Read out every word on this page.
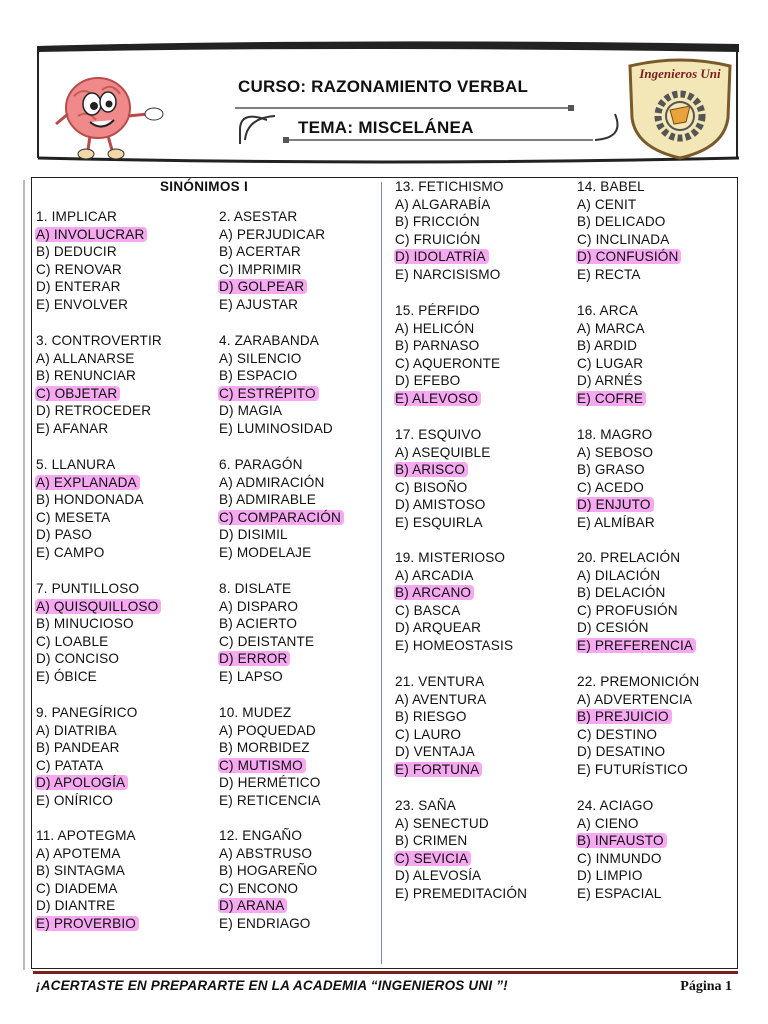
CURSO: RAZONAMIENTO VERBAL
TEMA: MISCELÁNEA
Ingenieros Uni
SINÓNIMOS I
1. IMPLICAR
A) INVOLUCRAR
B) DEDUCIR
C) RENOVAR
D) ENTERAR
E) ENVOLVER
2. ASESTAR
A) PERJUDICAR
B) ACERTAR
C) IMPRIMIR
D) GOLPEAR
E) AJUSTAR
3. CONTROVERTIR
A) ALLANARSE
B) RENUNCIAR
C) OBJETAR
D) RETROCEDER
E) AFANAR
4. ZARABANDA
A) SILENCIO
B) ESPACIO
C) ESTRÉPITO
D) MAGIA
E) LUMINOSIDAD
5. LLANURA
A) EXPLANADA
B) HONDONADA
C) MESETA
D) PASO
E) CAMPO
6. PARAGÓN
A) ADMIRACIÓN
B) ADMIRABLE
C) COMPARACIÓN
D) DISIMIL
E) MODELAJE
7. PUNTILLOSO
A) QUISQUILLOSO
B) MINUCIOSO
C) LOABLE
D) CONCISO
E) ÓBICE
8. DISLATE
A) DISPARO
B) ACIERTO
C) DEISTANTE
D) ERROR
E) LAPSO
9. PANEGÍRICO
A) DIATRIBA
B) PANDEAR
C) PATATA
D) APOLOGÍA
E) ONÍRICO
10. MUDEZ
A) POQUEDAD
B) MORBIDEZ
C) MUTISMO
D) HERMÉTICO
E) RETICENCIA
11. APOTEGMA
A) APOTEMA
B) SINTAGMA
C) DIADEMA
D) DIANTRE
E) PROVERBIO
12. ENGAÑO
A) ABSTRUSO
B) HOGAREÑO
C) ENCONO
D) ARANA
E) ENDRIAGO
13. FETICHISMO
A) ALGARABÍA
B) FRICCIÓN
C) FRUICIÓN
D) IDOLATRÍA
E) NARCISISMO
14. BABEL
A) CENIT
B) DELICADO
C) INCLINADA
D) CONFUSIÓN
E) RECTA
15. PÉRFIDO
A) HELICÓN
B) PARNASO
C) AQUERONTE
D) EFEBO
E) ALEVOSO
16. ARCA
A) MARCA
B) ARDID
C) LUGAR
D) ARNÉS
E) COFRE
17. ESQUIVO
A) ASEQUIBLE
B) ARISCO
C) BISOÑO
D) AMISTOSO
E) ESQUIRLA
18. MAGRO
A) SEBOSO
B) GRASO
C) ACEDO
D) ENJUTO
E) ALMÍBAR
19. MISTERIOSO
A) ARCADIA
B) ARCANO
C) BASCA
D) ARQUEAR
E) HOMEOSTASIS
20. PRELACIÓN
A) DILACIÓN
B) DELACIÓN
C) PROFUSIÓN
D) CESIÓN
E) PREFERENCIA
21. VENTURA
A) AVENTURA
B) RIESGO
C) LAURO
D) VENTAJA
E) FORTUNA
22. PREMONICIÓN
A) ADVERTENCIA
B) PREJUICIO
C) DESTINO
D) DESATINO
E) FUTURÍSTICO
23. SAÑA
A) SENECTUD
B) CRIMEN
C) SEVICIA
D) ALEVOSÍA
E) PREMEDITACIÓN
24. ACIAGO
A) CIENO
B) INFAUSTO
C) INMUNDO
D) LIMPIO
E) ESPACIAL
¡ACERTASTE EN PREPARARTE EN LA ACADEMIA “INGENIEROS UNI ”!	Página 1
